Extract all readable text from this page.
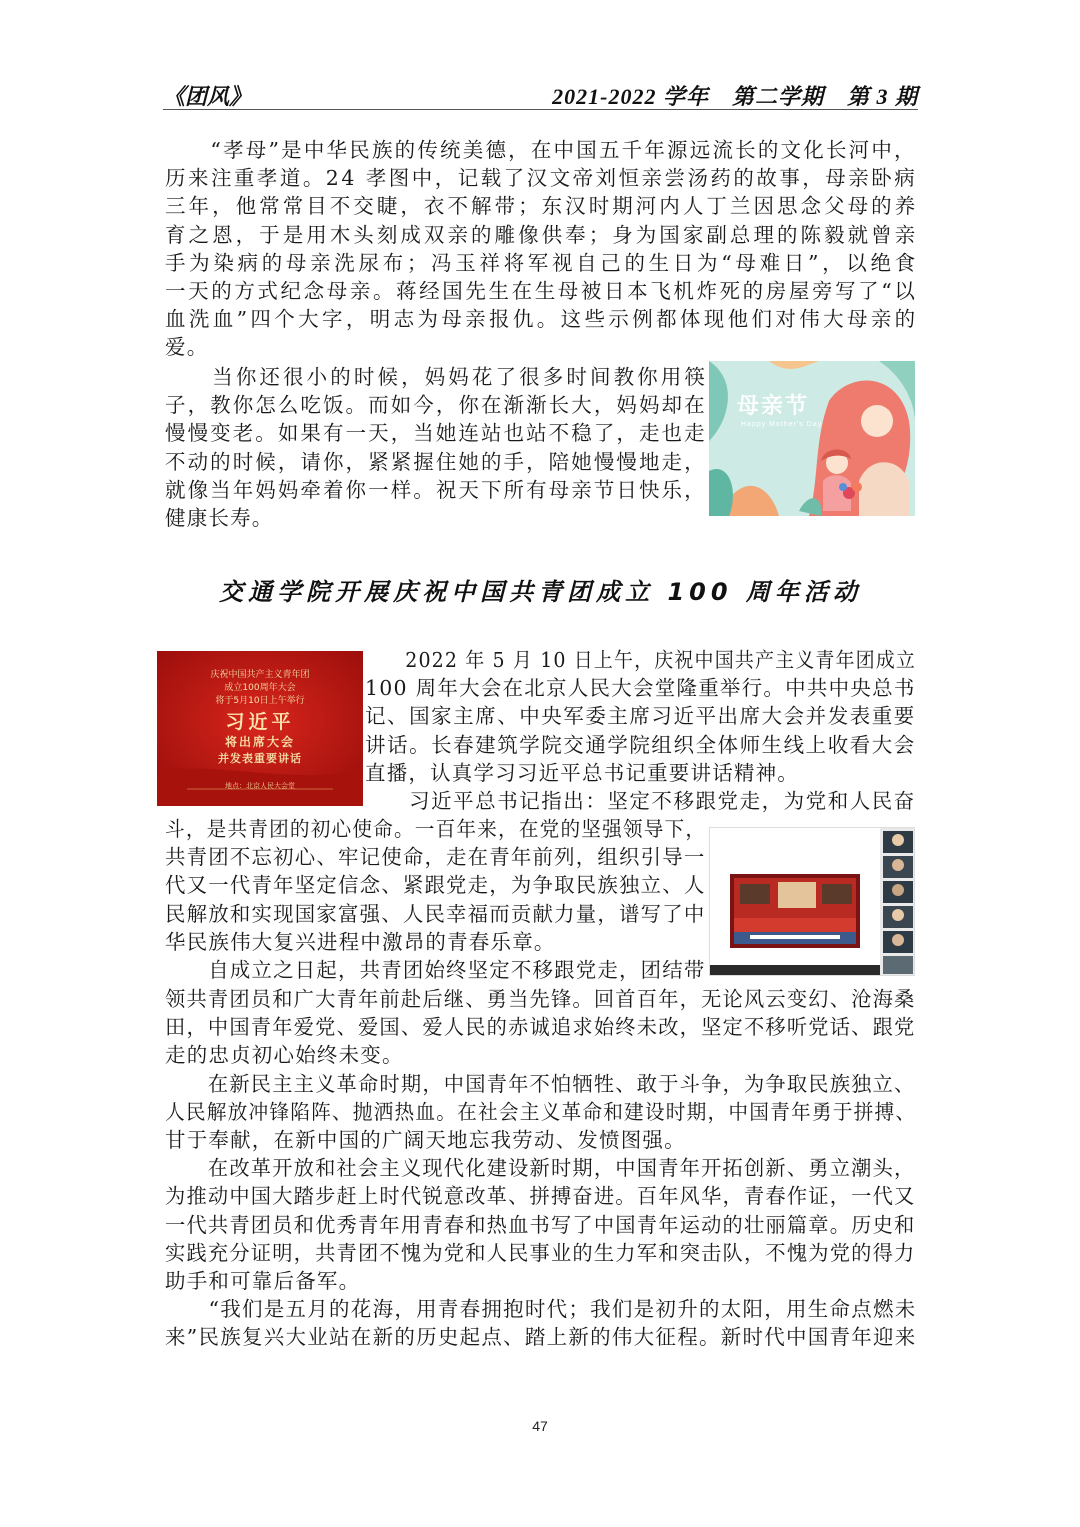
《团风》	2021-2022 学年　第二学期　第 3 期
　　“孝母”是中华民族的传统美德，在中国五千年源远流长的文化长河中，
历来注重孝道。24 孝图中，记载了汉文帝刘恒亲尝汤药的故事，母亲卧病
三年，他常常目不交睫，衣不解带；东汉时期河内人丁兰因思念父母的养
育之恩，于是用木头刻成双亲的雕像供奉；身为国家副总理的陈毅就曾亲
手为染病的母亲洗尿布；冯玉祥将军视自己的生日为“母难日”，以绝食
一天的方式纪念母亲。蒋经国先生在生母被日本飞机炸死的房屋旁写了“以
血洗血”四个大字，明志为母亲报仇。这些示例都体现他们对伟大母亲的
爱。
　　当你还很小的时候，妈妈花了很多时间教你用筷
子，教你怎么吃饭。而如今，你在渐渐长大，妈妈却在
慢慢变老。如果有一天，当她连站也站不稳了，走也走
不动的时候，请你，紧紧握住她的手，陪她慢慢地走，
就像当年妈妈牵着你一样。祝天下所有母亲节日快乐，
健康长寿。
母亲节
Happy Mother's Day
交通学院开展庆祝中国共青团成立 100 周年活动
庆祝中国共产主义青年团
成立100周年大会
将于5月10日上午举行
习近平
将出席大会
并发表重要讲话
地点：北京人民大会堂
　　2022 年 5 月 10 日上午，庆祝中国共产主义青年团成立
100 周年大会在北京人民大会堂隆重举行。中共中央总书
记、国家主席、中央军委主席习近平出席大会并发表重要
讲话。长春建筑学院交通学院组织全体师生线上收看大会
直播，认真学习习近平总书记重要讲话精神。
　　习近平总书记指出：坚定不移跟党走，为党和人民奋
斗，是共青团的初心使命。一百年来，在党的坚强领导下，
共青团不忘初心、牢记使命，走在青年前列，组织引导一
代又一代青年坚定信念、紧跟党走，为争取民族独立、人
民解放和实现国家富强、人民幸福而贡献力量，谱写了中
华民族伟大复兴进程中激昂的青春乐章。
　　自成立之日起，共青团始终坚定不移跟党走，团结带
领共青团员和广大青年前赴后继、勇当先锋。回首百年，无论风云变幻、沧海桑
田，中国青年爱党、爱国、爱人民的赤诚追求始终未改，坚定不移听党话、跟党
走的忠贞初心始终未变。
　　在新民主主义革命时期，中国青年不怕牺牲、敢于斗争，为争取民族独立、
人民解放冲锋陷阵、抛洒热血。在社会主义革命和建设时期，中国青年勇于拼搏、
甘于奉献，在新中国的广阔天地忘我劳动、发愤图强。
　　在改革开放和社会主义现代化建设新时期，中国青年开拓创新、勇立潮头，
为推动中国大踏步赶上时代锐意改革、拼搏奋进。百年风华，青春作证，一代又
一代共青团员和优秀青年用青春和热血书写了中国青年运动的壮丽篇章。历史和
实践充分证明，共青团不愧为党和人民事业的生力军和突击队，不愧为党的得力
助手和可靠后备军。
　　“我们是五月的花海，用青春拥抱时代；我们是初升的太阳，用生命点燃未
来”民族复兴大业站在新的历史起点、踏上新的伟大征程。新时代中国青年迎来
47
